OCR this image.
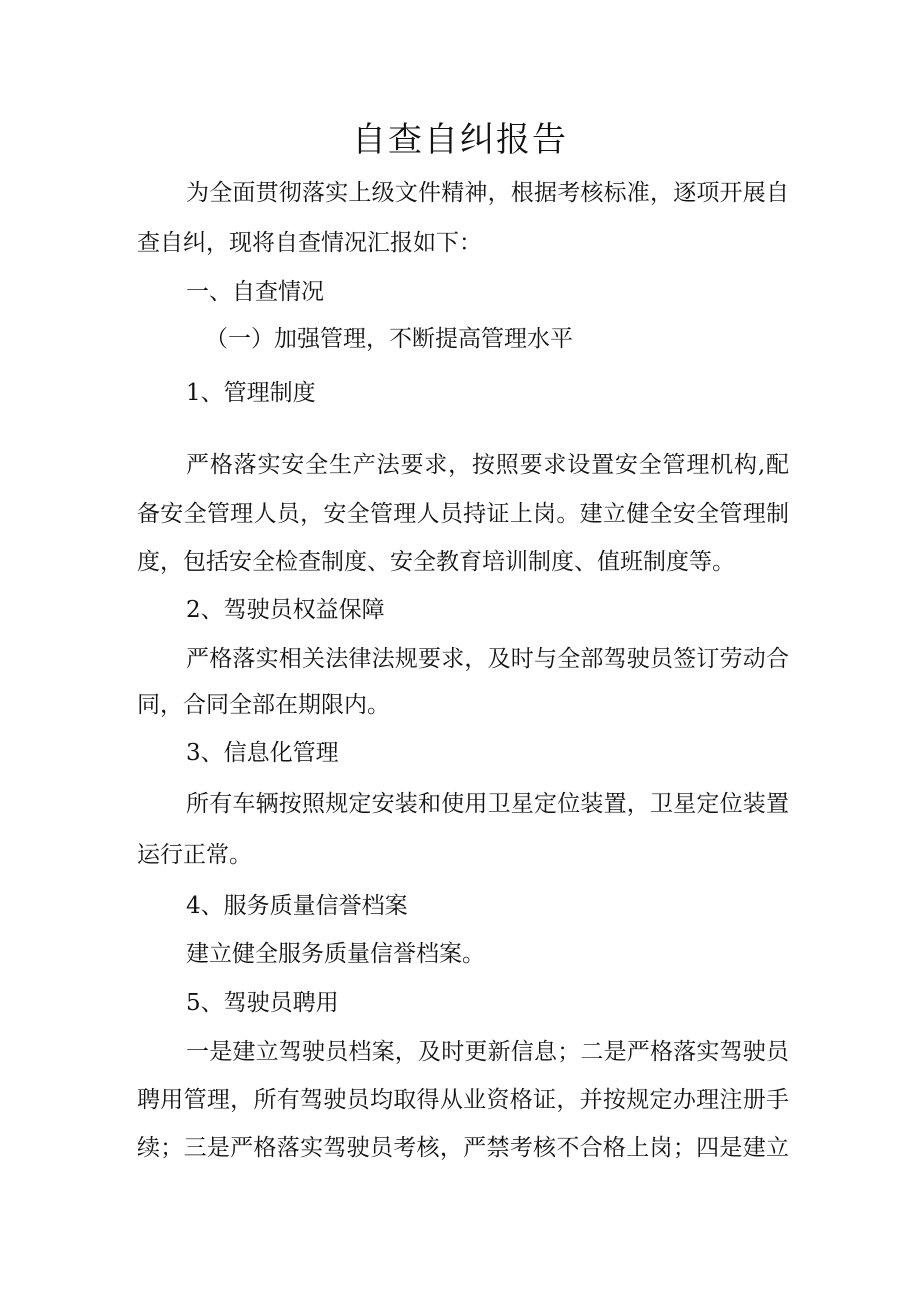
自查自纠报告

为全面贯彻落实上级文件精神，根据考核标准，逐项开展自

查自纠，现将自查情况汇报如下：

一、自查情况

（一）加强管理，不断提高管理水平

1、管理制度

严格落实安全生产法要求，按照要求设置安全管理机构,配

备安全管理人员，安全管理人员持证上岗。建立健全安全管理制

度，包括安全检查制度、安全教育培训制度、值班制度等。

2、驾驶员权益保障

严格落实相关法律法规要求，及时与全部驾驶员签订劳动合

同，合同全部在期限内。

3、信息化管理

所有车辆按照规定安装和使用卫星定位装置，卫星定位装置

运行正常。

4、服务质量信誉档案

建立健全服务质量信誉档案。

5、驾驶员聘用

一是建立驾驶员档案，及时更新信息；二是严格落实驾驶员

聘用管理，所有驾驶员均取得从业资格证，并按规定办理注册手

续；三是严格落实驾驶员考核，严禁考核不合格上岗；四是建立
